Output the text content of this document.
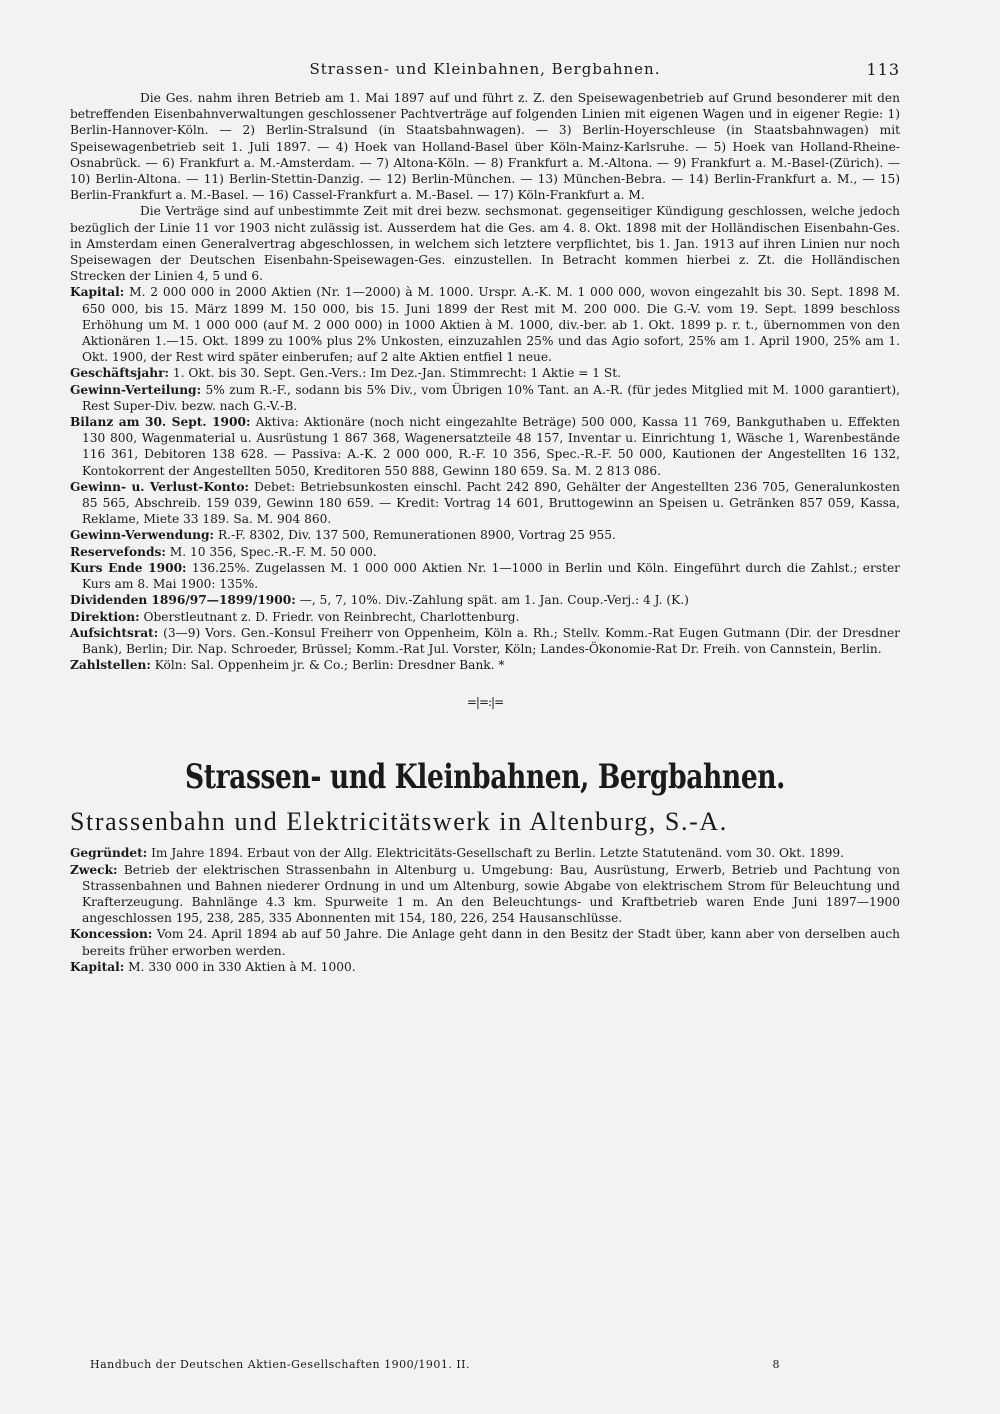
Strassen- und Kleinbahnen, Bergbahnen.	113

Die Ges. nahm ihren Betrieb am 1. Mai 1897 auf und führt z. Z. den Speisewagenbetrieb auf Grund besonderer mit den betreffenden Eisenbahnverwaltungen geschlossener Pachtverträge auf folgenden Linien mit eigenen Wagen und in eigener Regie: 1) Berlin-Hannover-Köln. — 2) Berlin-Stralsund (in Staatsbahnwagen). — 3) Berlin-Hoyerschleuse (in Staatsbahnwagen) mit Speisewagenbetrieb seit 1. Juli 1897. — 4) Hoek van Holland-Basel über Köln-Mainz-Karlsruhe. — 5) Hoek van Holland-Rheine-Osnabrück. — 6) Frankfurt a. M.-Amsterdam. — 7) Altona-Köln. — 8) Frankfurt a. M.-Altona. — 9) Frankfurt a. M.-Basel-(Zürich). — 10) Berlin-Altona. — 11) Berlin-Stettin-Danzig. — 12) Berlin-München. — 13) München-Bebra. — 14) Berlin-Frankfurt a. M., — 15) Berlin-Frankfurt a. M.-Basel. — 16) Cassel-Frankfurt a. M.-Basel. — 17) Köln-Frankfurt a. M.

Die Verträge sind auf unbestimmte Zeit mit drei bezw. sechsmonat. gegenseitiger Kündigung geschlossen, welche jedoch bezüglich der Linie 11 vor 1903 nicht zulässig ist. Ausserdem hat die Ges. am 4. 8. Okt. 1898 mit der Holländischen Eisenbahn-Ges. in Amsterdam einen Generalvertrag abgeschlossen, in welchem sich letztere verpflichtet, bis 1. Jan. 1913 auf ihren Linien nur noch Speisewagen der Deutschen Eisenbahn-Speisewagen-Ges. einzustellen. In Betracht kommen hierbei z. Zt. die Holländischen Strecken der Linien 4, 5 und 6.

Kapital: M. 2 000 000 in 2000 Aktien (Nr. 1—2000) à M. 1000. Urspr. A.-K. M. 1 000 000, wovon eingezahlt bis 30. Sept. 1898 M. 650 000, bis 15. März 1899 M. 150 000, bis 15. Juni 1899 der Rest mit M. 200 000. Die G.-V. vom 19. Sept. 1899 beschloss Erhöhung um M. 1 000 000 (auf M. 2 000 000) in 1000 Aktien à M. 1000, div.-ber. ab 1. Okt. 1899 p. r. t., übernommen von den Aktionären 1.—15. Okt. 1899 zu 100% plus 2% Unkosten, einzuzahlen 25% und das Agio sofort, 25% am 1. April 1900, 25% am 1. Okt. 1900, der Rest wird später einberufen; auf 2 alte Aktien entfiel 1 neue.

Geschäftsjahr: 1. Okt. bis 30. Sept. Gen.-Vers.: Im Dez.-Jan. Stimmrecht: 1 Aktie = 1 St.

Gewinn-Verteilung: 5% zum R.-F., sodann bis 5% Div., vom Übrigen 10% Tant. an A.-R. (für jedes Mitglied mit M. 1000 garantiert), Rest Super-Div. bezw. nach G.-V.-B.

Bilanz am 30. Sept. 1900: Aktiva: Aktionäre (noch nicht eingezahlte Beträge) 500 000, Kassa 11 769, Bankguthaben u. Effekten 130 800, Wagenmaterial u. Ausrüstung 1 867 368, Wagenersatzteile 48 157, Inventar u. Einrichtung 1, Wäsche 1, Warenbestände 116 361, Debitoren 138 628. — Passiva: A.-K. 2 000 000, R.-F. 10 356, Spec.-R.-F. 50 000, Kautionen der Angestellten 16 132, Kontokorrent der Angestellten 5050, Kreditoren 550 888, Gewinn 180 659. Sa. M. 2 813 086.

Gewinn- u. Verlust-Konto: Debet: Betriebsunkosten einschl. Pacht 242 890, Gehälter der Angestellten 236 705, Generalunkosten 85 565, Abschreib. 159 039, Gewinn 180 659. — Kredit: Vortrag 14 601, Bruttogewinn an Speisen u. Getränken 857 059, Kassa, Reklame, Miete 33 189. Sa. M. 904 860.

Gewinn-Verwendung: R.-F. 8302, Div. 137 500, Remunerationen 8900, Vortrag 25 955.

Reservefonds: M. 10 356, Spec.-R.-F. M. 50 000.

Kurs Ende 1900: 136.25%. Zugelassen M. 1 000 000 Aktien Nr. 1—1000 in Berlin und Köln. Eingeführt durch die Zahlst.; erster Kurs am 8. Mai 1900: 135%.

Dividenden 1896/97—1899/1900: —, 5, 7, 10%. Div.-Zahlung spät. am 1. Jan. Coup.-Verj.: 4 J. (K.)

Direktion: Oberstleutnant z. D. Friedr. von Reinbrecht, Charlottenburg.

Aufsichtsrat: (3—9) Vors. Gen.-Konsul Freiherr von Oppenheim, Köln a. Rh.; Stellv. Komm.-Rat Eugen Gutmann (Dir. der Dresdner Bank), Berlin; Dir. Nap. Schroeder, Brüssel; Komm.-Rat Jul. Vorster, Köln; Landes-Ökonomie-Rat Dr. Freih. von Cannstein, Berlin.

Zahlstellen: Köln: Sal. Oppenheim jr. & Co.; Berlin: Dresdner Bank. *

=|=:|=
Strassen- und Kleinbahnen, Bergbahnen.
Strassenbahn und Elektricitätswerk in Altenburg, S.-A.

Gegründet: Im Jahre 1894. Erbaut von der Allg. Elektricitäts-Gesellschaft zu Berlin. Letzte Statutenänd. vom 30. Okt. 1899.

Zweck: Betrieb der elektrischen Strassenbahn in Altenburg u. Umgebung: Bau, Ausrüstung, Erwerb, Betrieb und Pachtung von Strassenbahnen und Bahnen niederer Ordnung in und um Altenburg, sowie Abgabe von elektrischem Strom für Beleuchtung und Krafterzeugung. Bahnlänge 4.3 km. Spurweite 1 m. An den Beleuchtungs- und Kraftbetrieb waren Ende Juni 1897—1900 angeschlossen 195, 238, 285, 335 Abonnenten mit 154, 180, 226, 254 Hausanschlüsse.

Koncession: Vom 24. April 1894 ab auf 50 Jahre. Die Anlage geht dann in den Besitz der Stadt über, kann aber von derselben auch bereits früher erworben werden.

Kapital: M. 330 000 in 330 Aktien à M. 1000.

Handbuch der Deutschen Aktien-Gesellschaften 1900/1901. II.	8
